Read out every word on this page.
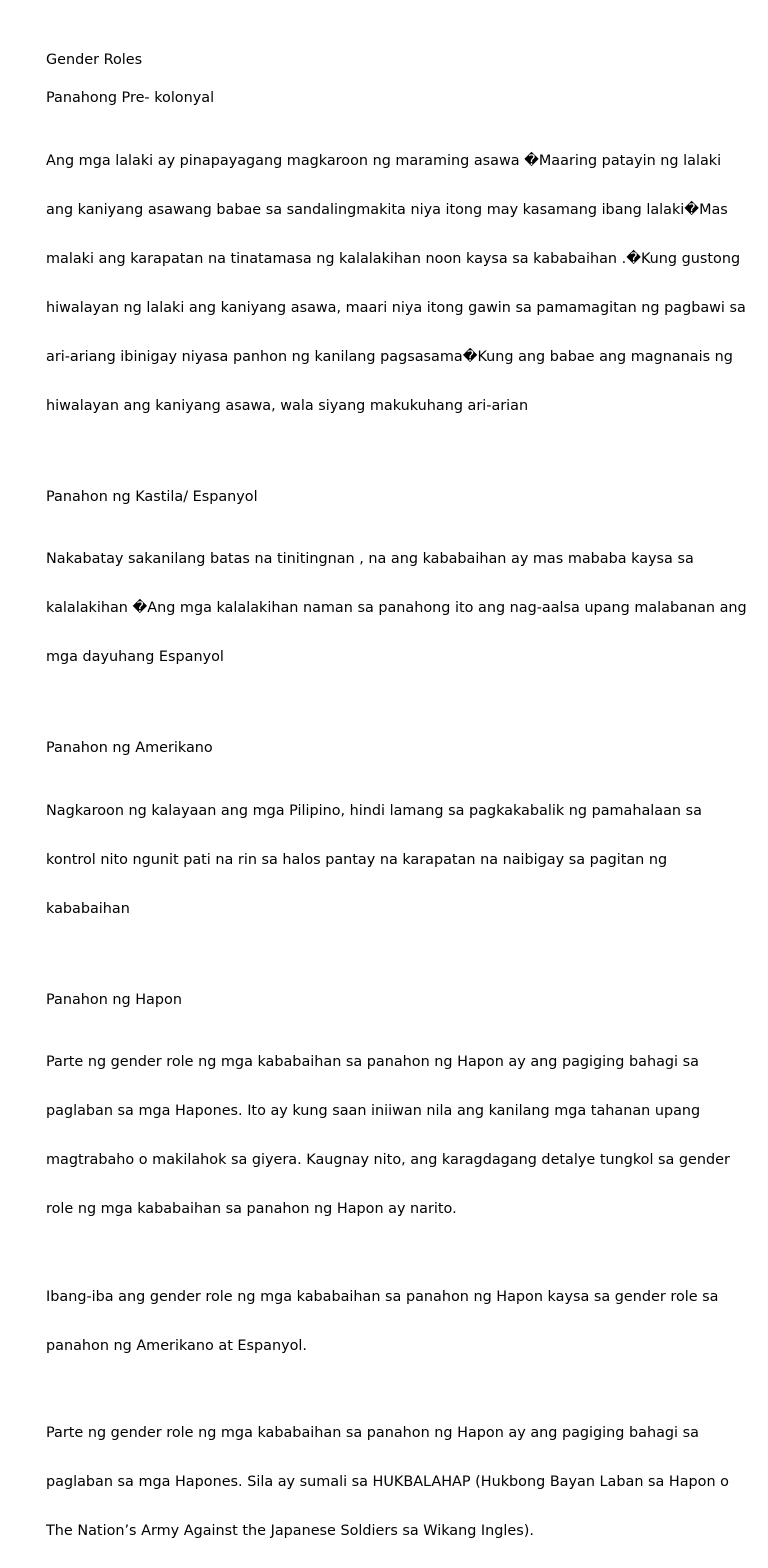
Gender Roles

Panahong Pre- kolonyal

Ang mga lalaki ay pinapayagang magkaroon ng maraming asawa �Maaring patayin ng lalaki

ang kaniyang asawang babae sa sandalingmakita niya itong may kasamang ibang lalaki�Mas

malaki ang karapatan na tinatamasa ng kalalakihan noon kaysa sa kababaihan .�Kung gustong

hiwalayan ng lalaki ang kaniyang asawa, maari niya itong gawin sa pamamagitan ng pagbawi sa

ari-ariang ibinigay niyasa panhon ng kanilang pagsasama�Kung ang babae ang magnanais ng

hiwalayan ang kaniyang asawa, wala siyang makukuhang ari-arian

Panahon ng Kastila/ Espanyol

Nakabatay sakanilang batas na tinitingnan , na ang kababaihan ay mas mababa kaysa sa

kalalakihan �Ang mga kalalakihan naman sa panahong ito ang nag-aalsa upang malabanan ang

mga dayuhang Espanyol

Panahon ng Amerikano

Nagkaroon ng kalayaan ang mga Pilipino, hindi lamang sa pagkakabalik ng pamahalaan sa

kontrol nito ngunit pati na rin sa halos pantay na karapatan na naibigay sa pagitan ng

kababaihan

Panahon ng Hapon

Parte ng gender role ng mga kababaihan sa panahon ng Hapon ay ang pagiging bahagi sa

paglaban sa mga Hapones. Ito ay kung saan iniiwan nila ang kanilang mga tahanan upang

magtrabaho o makilahok sa giyera. Kaugnay nito, ang karagdagang detalye tungkol sa gender

role ng mga kababaihan sa panahon ng Hapon ay narito.

Ibang-iba ang gender role ng mga kababaihan sa panahon ng Hapon kaysa sa gender role sa

panahon ng Amerikano at Espanyol.

Parte ng gender role ng mga kababaihan sa panahon ng Hapon ay ang pagiging bahagi sa

paglaban sa mga Hapones. Sila ay sumali sa HUKBALAHAP (Hukbong Bayan Laban sa Hapon o

The Nation’s Army Against the Japanese Soldiers sa Wikang Ingles).
